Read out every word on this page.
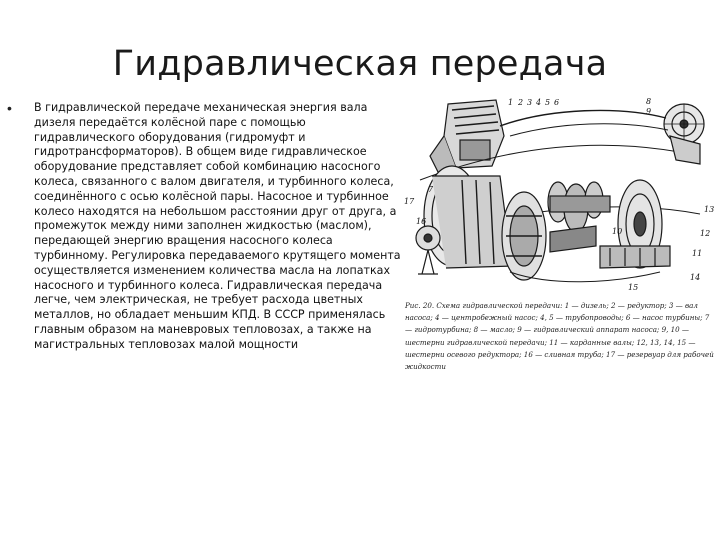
Гидравлическая передача
• В гидравлической передаче механическая энергия вала дизеля передаётся колёсной паре с помощью гидравлического оборудования (гидромуфт и гидротрансформаторов). В общем виде гидравлическое оборудование представляет собой комбинацию насосного колеса, связанного с валом двигателя, и турбинного колеса, соединённого с осью колёсной пары. Насосное и турбинное колесо находятся на небольшом расстоянии друг от друга, а промежуток между ними заполнен жидкостью (маслом), передающей энергию вращения насосного колеса турбинному. Регулировка передаваемого крутящего момента осуществляется изменением количества масла на лопатках насосного и турбинного колеса. Гидравлическая передача легче, чем электрическая, не требует расхода цветных металлов, но обладает меньшим КПД. В СССР применялась главным образом на маневровых тепловозах, а также на магистральных тепловозах малой мощности
1 2 3 4 5 6
7
8
9
10
11
12
13
14
15
16
17
Рис. 20. Схема гидравлической передачи: 1 — дизель; 2 — редуктор; 3 — вал насоса; 4 — центробежный насос; 4, 5 — трубопроводы; 6 — насос турбины; 7 — гидротурбина; 8 — масло; 9 — гидравлический аппарат насоса; 9, 10 — шестерни гидравлической передачи; 11 — карданные валы; 12, 13, 14, 15 — шестерни осевого редуктора; 16 — сливная труба; 17 — резервуар для рабочей жидкости
